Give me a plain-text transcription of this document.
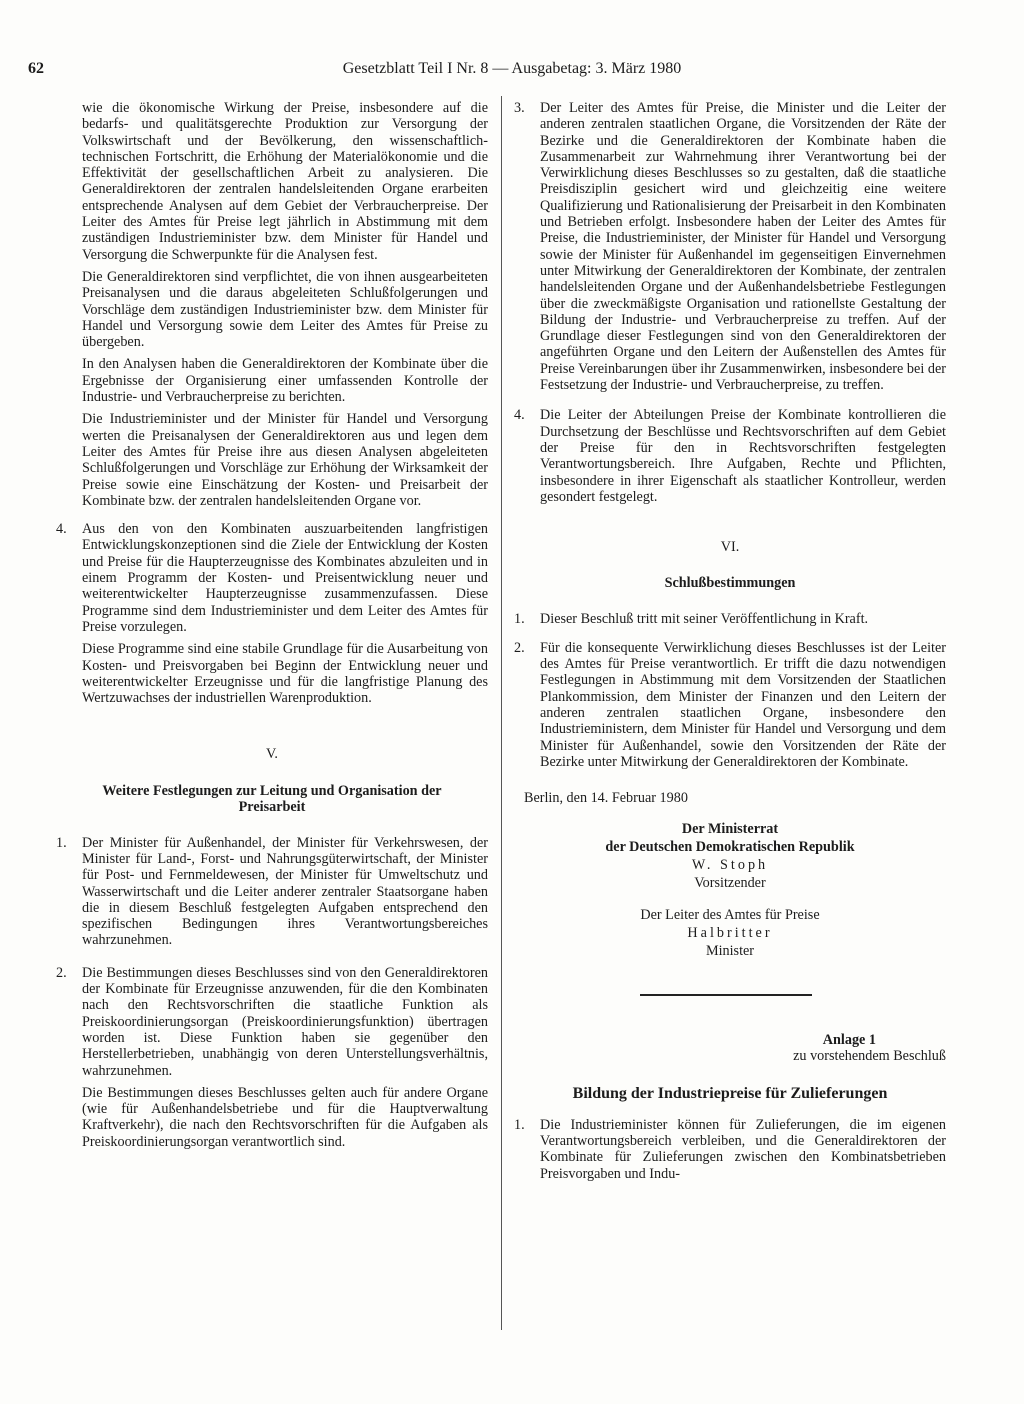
62	Gesetzblatt Teil I Nr. 8 — Ausgabetag: 3. März 1980

wie die ökonomische Wirkung der Preise, insbesondere auf die bedarfs- und qualitätsgerechte Produktion zur Versorgung der Volkswirtschaft und der Bevölkerung, den wissenschaftlich-technischen Fortschritt, die Erhöhung der Materialökonomie und die Effektivität der gesellschaftlichen Arbeit zu analysieren. Die Generaldirektoren der zentralen handelsleitenden Organe erarbeiten entsprechende Analysen auf dem Gebiet der Verbraucherpreise. Der Leiter des Amtes für Preise legt jährlich in Abstimmung mit dem zuständigen Industrieminister bzw. dem Minister für Handel und Versorgung die Schwerpunkte für die Analysen fest.

Die Generaldirektoren sind verpflichtet, die von ihnen ausgearbeiteten Preisanalysen und die daraus abgeleiteten Schlußfolgerungen und Vorschläge dem zuständigen Industrieminister bzw. dem Minister für Handel und Versorgung sowie dem Leiter des Amtes für Preise zu übergeben.

In den Analysen haben die Generaldirektoren der Kombinate über die Ergebnisse der Organisierung einer umfassenden Kontrolle der Industrie- und Verbraucherpreise zu berichten.

Die Industrieminister und der Minister für Handel und Versorgung werten die Preisanalysen der Generaldirektoren aus und legen dem Leiter des Amtes für Preise ihre aus diesen Analysen abgeleiteten Schlußfolgerungen und Vorschläge zur Erhöhung der Wirksamkeit der Preise sowie eine Einschätzung der Kosten- und Preisarbeit der Kombinate bzw. der zentralen handelsleitenden Organe vor.

4.	Aus den von den Kombinaten auszuarbeitenden langfristigen Entwicklungskonzeptionen sind die Ziele der Entwicklung der Kosten und Preise für die Haupterzeugnisse des Kombinates abzuleiten und in einem Programm der Kosten- und Preisentwicklung neuer und weiterentwickelter Haupterzeugnisse zusammenzufassen. Diese Programme sind dem Industrieminister und dem Leiter des Amtes für Preise vorzulegen.

Diese Programme sind eine stabile Grundlage für die Ausarbeitung von Kosten- und Preisvorgaben bei Beginn der Entwicklung neuer und weiterentwickelter Erzeugnisse und für die langfristige Planung des Wertzuwachses der industriellen Warenproduktion.

V.
Weitere Festlegungen zur Leitung und Organisation der Preisarbeit
1.	Der Minister für Außenhandel, der Minister für Verkehrswesen, der Minister für Land-, Forst- und Nahrungsgüterwirtschaft, der Minister für Post- und Fernmeldewesen, der Minister für Umweltschutz und Wasserwirtschaft und die Leiter anderer zentraler Staatsorgane haben die in diesem Beschluß festgelegten Aufgaben entsprechend den spezifischen Bedingungen ihres Verantwortungsbereiches wahrzunehmen.

2.	Die Bestimmungen dieses Beschlusses sind von den Generaldirektoren der Kombinate für Erzeugnisse anzuwenden, für die den Kombinaten nach den Rechtsvorschriften die staatliche Funktion als Preiskoordinierungsorgan (Preiskoordinierungsfunktion) übertragen worden ist. Diese Funktion haben sie gegenüber den Herstellerbetrieben, unabhängig von deren Unterstellungsverhältnis, wahrzunehmen.

Die Bestimmungen dieses Beschlusses gelten auch für andere Organe (wie für Außenhandelsbetriebe und für die Hauptverwaltung Kraftverkehr), die nach den Rechtsvorschriften für die Aufgaben als Preiskoordinierungsorgan verantwortlich sind.

3.	Der Leiter des Amtes für Preise, die Minister und die Leiter der anderen zentralen staatlichen Organe, die Vorsitzenden der Räte der Bezirke und die Generaldirektoren der Kombinate haben die Zusammenarbeit zur Wahrnehmung ihrer Verantwortung bei der Verwirklichung dieses Beschlusses so zu gestalten, daß die staatliche Preisdisziplin gesichert wird und gleichzeitig eine weitere Qualifizierung und Rationalisierung der Preisarbeit in den Kombinaten und Betrieben erfolgt. Insbesondere haben der Leiter des Amtes für Preise, die Industrieminister, der Minister für Handel und Versorgung sowie der Minister für Außenhandel im gegenseitigen Einvernehmen unter Mitwirkung der Generaldirektoren der Kombinate, der zentralen handelsleitenden Organe und der Außenhandelsbetriebe Festlegungen über die zweckmäßigste Organisation und rationellste Gestaltung der Bildung der Industrie- und Verbraucherpreise zu treffen. Auf der Grundlage dieser Festlegungen sind von den Generaldirektoren der angeführten Organe und den Leitern der Außenstellen des Amtes für Preise Vereinbarungen über ihr Zusammenwirken, insbesondere bei der Festsetzung der Industrie- und Verbraucherpreise, zu treffen.

4.	Die Leiter der Abteilungen Preise der Kombinate kontrollieren die Durchsetzung der Beschlüsse und Rechtsvorschriften auf dem Gebiet der Preise für den in Rechtsvorschriften festgelegten Verantwortungsbereich. Ihre Aufgaben, Rechte und Pflichten, insbesondere in ihrer Eigenschaft als staatlicher Kontrolleur, werden gesondert festgelegt.

VI.
Schlußbestimmungen
1.	Dieser Beschluß tritt mit seiner Veröffentlichung in Kraft.

2.	Für die konsequente Verwirklichung dieses Beschlusses ist der Leiter des Amtes für Preise verantwortlich. Er trifft die dazu notwendigen Festlegungen in Abstimmung mit dem Vorsitzenden der Staatlichen Plankommission, dem Minister der Finanzen und den Leitern der anderen zentralen staatlichen Organe, insbesondere den Industrieministern, dem Minister für Handel und Versorgung und dem Minister für Außenhandel, sowie den Vorsitzenden der Räte der Bezirke unter Mitwirkung der Generaldirektoren der Kombinate.

Berlin, den 14. Februar 1980
Der Ministerrat
der Deutschen Demokratischen Republik
W. Stoph
Vorsitzender
Der Leiter des Amtes für Preise
Halbritter
Minister
Anlage 1
zu vorstehendem Beschluß
Bildung der Industriepreise für Zulieferungen
1.	Die Industrieminister können für Zulieferungen, die im eigenen Verantwortungsbereich verbleiben, und die Generaldirektoren der Kombinate für Zulieferungen zwischen den Kombinatsbetrieben Preisvorgaben und Indu-
